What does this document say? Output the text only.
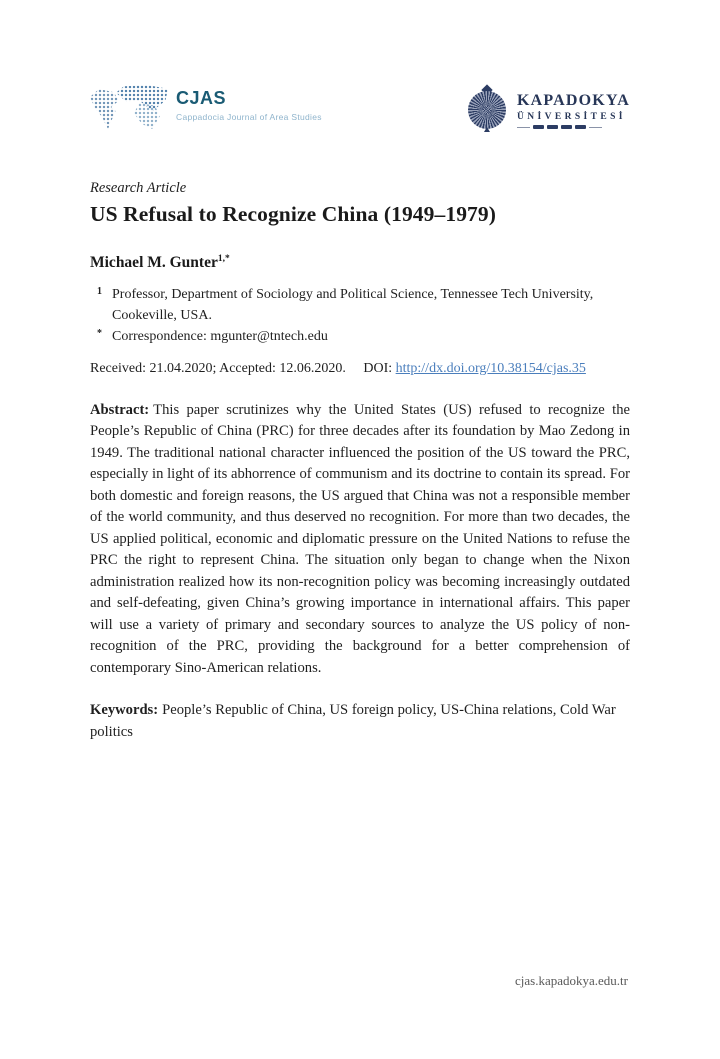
CJAS
Cappadocia Journal of Area Studies
KAPADOKYA
ÜNİVERSİTESİ
Research Article
US Refusal to Recognize China (1949–1979)
Michael M. Gunter$^{1,*}$
1 Professor, Department of Sociology and Political Science, Tennessee Tech University, Cookeville, USA.
* Correspondence: mgunter@tntech.edu
Received: 21.04.2020; Accepted: 12.06.2020. DOI: http://dx.doi.org/10.38154/cjas.35

Abstract: This paper scrutinizes why the United States (US) refused to recognize the People’s Republic of China (PRC) for three decades after its foundation by Mao Zedong in 1949. The traditional national character influenced the position of the US toward the PRC, especially in light of its abhorrence of communism and its doctrine to contain its spread. For both domestic and foreign reasons, the US argued that China was not a responsible member of the world community, and thus deserved no recognition. For more than two decades, the US applied political, economic and diplomatic pressure on the United Nations to refuse the PRC the right to represent China. The situation only began to change when the Nixon administration realized how its non-recognition policy was becoming increasingly outdated and self-defeating, given China’s growing importance in international affairs. This paper will use a variety of primary and secondary sources to analyze the US policy of non-recognition of the PRC, providing the background for a better comprehension of contemporary Sino-American relations.

Keywords: People’s Republic of China, US foreign policy, US-China relations, Cold War politics

cjas.kapadokya.edu.tr
